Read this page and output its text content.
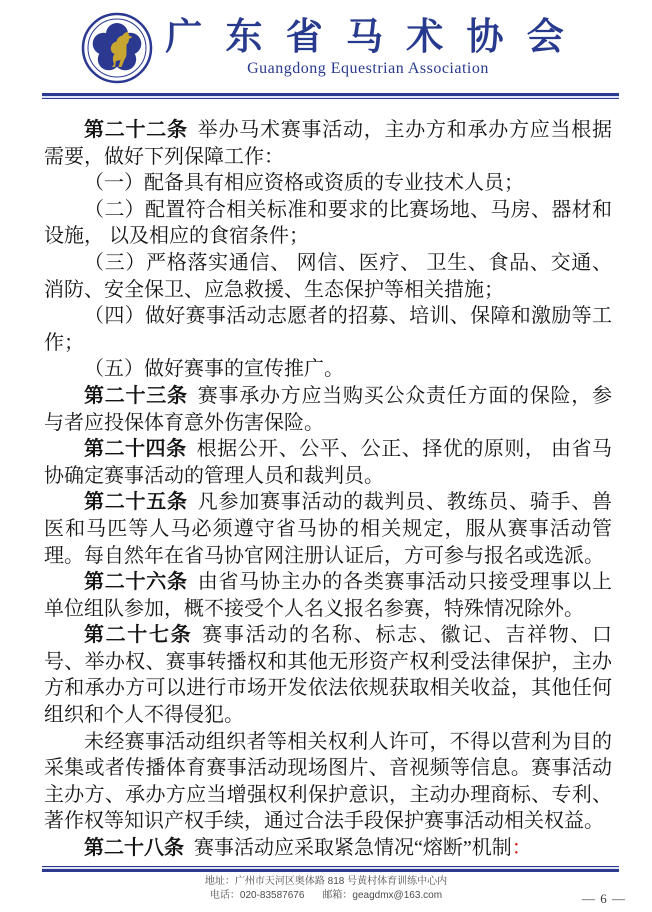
广 东 省 马 术 协 会
Guangdong Equestrian Association

第二十二条 举办马术赛事活动，主办方和承办方应当根据需要，做好下列保障工作：

（一）配备具有相应资格或资质的专业技术人员；

（二）配置符合相关标准和要求的比赛场地、马房、器材和设施， 以及相应的食宿条件；

（三）严格落实通信、 网信、医疗、 卫生、食品、交通、消防、安全保卫、应急救援、生态保护等相关措施；

（四）做好赛事活动志愿者的招募、培训、保障和激励等工作；

（五）做好赛事的宣传推广。

第二十三条 赛事承办方应当购买公众责任方面的保险，参与者应投保体育意外伤害保险。

第二十四条 根据公开、公平、公正、择优的原则， 由省马协确定赛事活动的管理人员和裁判员。

第二十五条 凡参加赛事活动的裁判员、教练员、骑手、兽医和马匹等人马必须遵守省马协的相关规定，服从赛事活动管理。每自然年在省马协官网注册认证后，方可参与报名或选派。

第二十六条 由省马协主办的各类赛事活动只接受理事以上单位组队参加，概不接受个人名义报名参赛，特殊情况除外。

第二十七条 赛事活动的名称、标志、徽记、吉祥物、口号、举办权、赛事转播权和其他无形资产权利受法律保护，主办方和承办方可以进行市场开发依法依规获取相关收益，其他任何组织和个人不得侵犯。

未经赛事活动组织者等相关权利人许可，不得以营利为目的采集或者传播体育赛事活动现场图片、音视频等信息。赛事活动主办方、承办方应当增强权利保护意识，主动办理商标、专利、著作权等知识产权手续，通过合法手段保护赛事活动相关权益。

第二十八条 赛事活动应采取紧急情况“熔断”机制：

地址：广州市天河区奥体路 818 号黄村体育训练中心内
电话：020-83587676 邮箱：geagdmx@163.com	— 6 —
